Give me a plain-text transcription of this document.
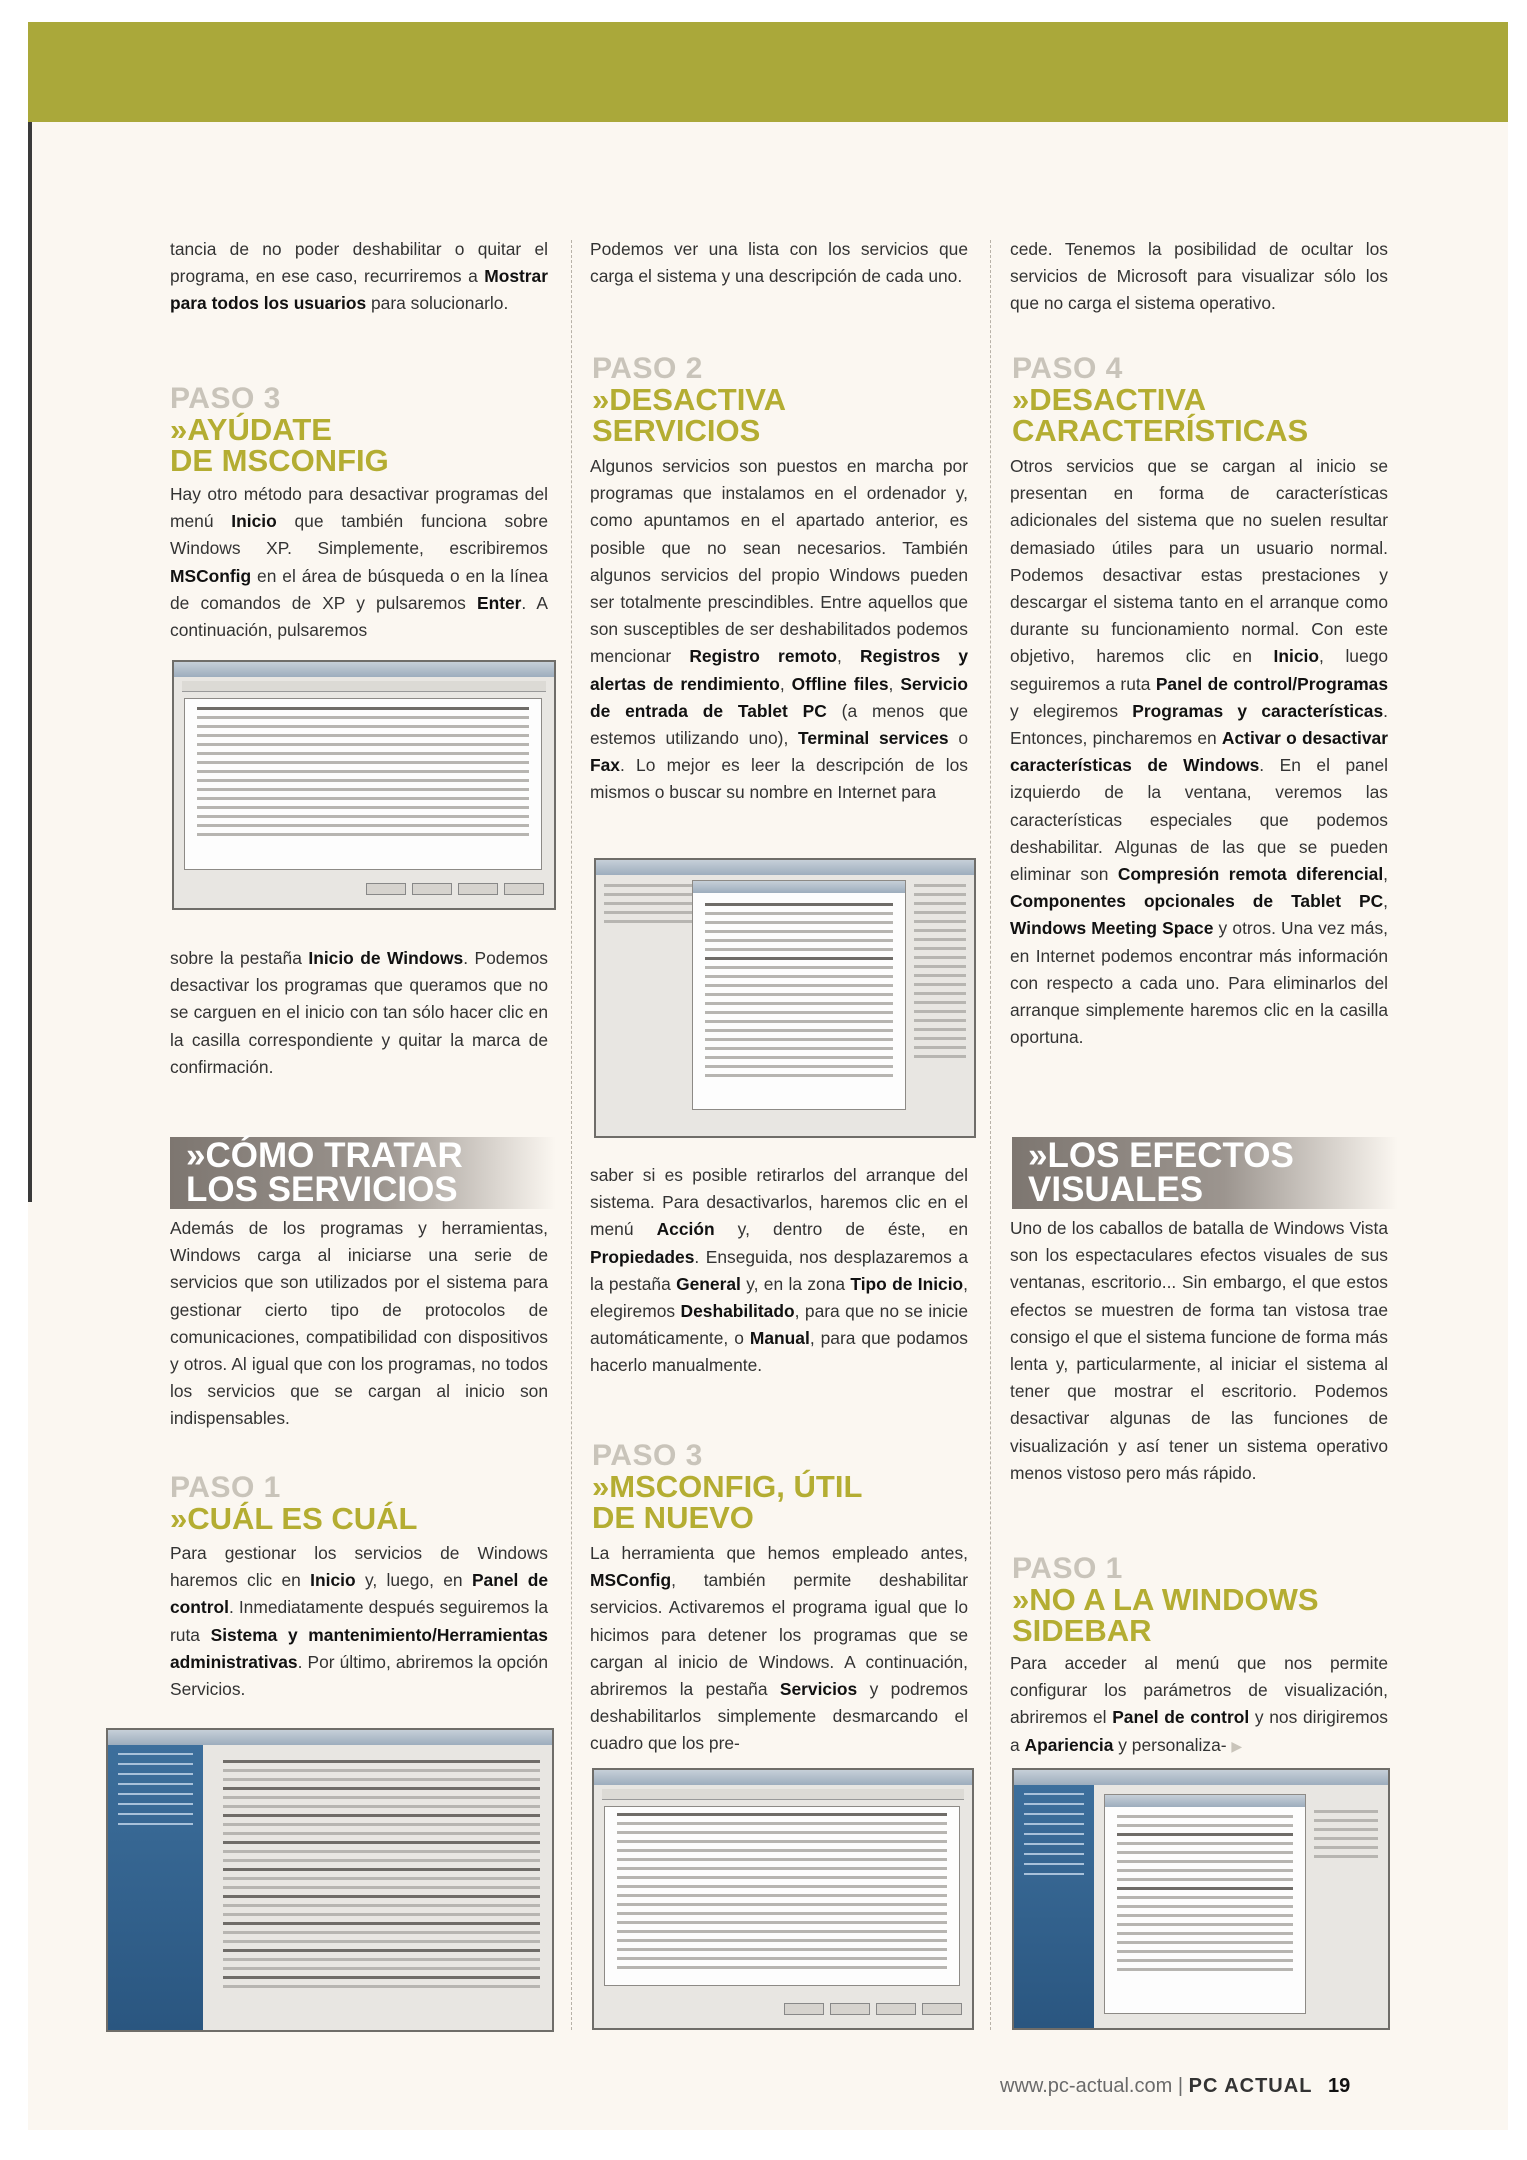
tancia de no poder deshabilitar o quitar el programa, en ese caso, recurriremos a Mostrar para todos los usuarios para solucionarlo.

PASO 3
»AYÚDATE
DE MSCONFIG

Hay otro método para desactivar programas del menú Inicio que también funciona sobre Windows XP. Simplemente, escribiremos MSConfig en el área de búsqueda o en la línea de comandos de XP y pulsaremos Enter. A continuación, pulsaremos

sobre la pestaña Inicio de Windows. Podemos desactivar los programas que queramos que no se carguen en el inicio con tan sólo hacer clic en la casilla correspondiente y quitar la marca de confirmación.

»CÓMO TRATAR
LOS SERVICIOS

Además de los programas y herramientas, Windows carga al iniciarse una serie de servicios que son utilizados por el sistema para gestionar cierto tipo de protocolos de comunicaciones, compatibilidad con dispositivos y otros. Al igual que con los programas, no todos los servicios que se cargan al inicio son indispensables.

PASO 1
»CUÁL ES CUÁL

Para gestionar los servicios de Windows haremos clic en Inicio y, luego, en Panel de control. Inmediatamente después seguiremos la ruta Sistema y mantenimiento/Herramientas administrativas. Por último, abriremos la opción Servicios.

Podemos ver una lista con los servicios que carga el sistema y una descripción de cada uno.

PASO 2
»DESACTIVA
SERVICIOS

Algunos servicios son puestos en marcha por programas que instalamos en el ordenador y, como apuntamos en el apartado anterior, es posible que no sean necesarios. También algunos servicios del propio Windows pueden ser totalmente prescindibles. Entre aquellos que son susceptibles de ser deshabilitados podemos mencionar Registro remoto, Registros y alertas de rendimiento, Offline files, Servicio de entrada de Tablet PC (a menos que estemos utilizando uno), Terminal services o Fax. Lo mejor es leer la descripción de los mismos o buscar su nombre en Internet para

saber si es posible retirarlos del arranque del sistema. Para desactivarlos, haremos clic en el menú Acción y, dentro de éste, en Propiedades. Enseguida, nos desplazaremos a la pestaña General y, en la zona Tipo de Inicio, elegiremos Deshabilitado, para que no se inicie automáticamente, o Manual, para que podamos hacerlo manualmente.

PASO 3
»MSCONFIG, ÚTIL
DE NUEVO

La herramienta que hemos empleado antes, MSConfig, también permite deshabilitar servicios. Activaremos el programa igual que lo hicimos para detener los programas que se cargan al inicio de Windows. A continuación, abriremos la pestaña Servicios y podremos deshabilitarlos simplemente desmarcando el cuadro que los pre-

cede. Tenemos la posibilidad de ocultar los servicios de Microsoft para visualizar sólo los que no carga el sistema operativo.

PASO 4
»DESACTIVA
CARACTERÍSTICAS

Otros servicios que se cargan al inicio se presentan en forma de características adicionales del sistema que no suelen resultar demasiado útiles para un usuario normal. Podemos desactivar estas prestaciones y descargar el sistema tanto en el arranque como durante su funcionamiento normal. Con este objetivo, haremos clic en Inicio, luego seguiremos a ruta Panel de control/Programas y elegiremos Programas y características. Entonces, pincharemos en Activar o desactivar características de Windows. En el panel izquierdo de la ventana, veremos las características especiales que podemos deshabilitar. Algunas de las que se pueden eliminar son Compresión remota diferencial, Componentes opcionales de Tablet PC, Windows Meeting Space y otros. Una vez más, en Internet podemos encontrar más información con respecto a cada uno. Para eliminarlos del arranque simplemente haremos clic en la casilla oportuna.

»LOS EFECTOS
VISUALES

Uno de los caballos de batalla de Windows Vista son los espectaculares efectos visuales de sus ventanas, escritorio... Sin embargo, el que estos efectos se muestren de forma tan vistosa trae consigo el que el sistema funcione de forma más lenta y, particularmente, al iniciar el sistema al tener que mostrar el escritorio. Podemos desactivar algunas de las funciones de visualización y así tener un sistema operativo menos vistoso pero más rápido.

PASO 1
»NO A LA WINDOWS
SIDEBAR

Para acceder al menú que nos permite configurar los parámetros de visualización, abriremos el Panel de control y nos dirigiremos a Apariencia y personaliza- ▶

www.pc-actual.com | PC ACTUAL 19
